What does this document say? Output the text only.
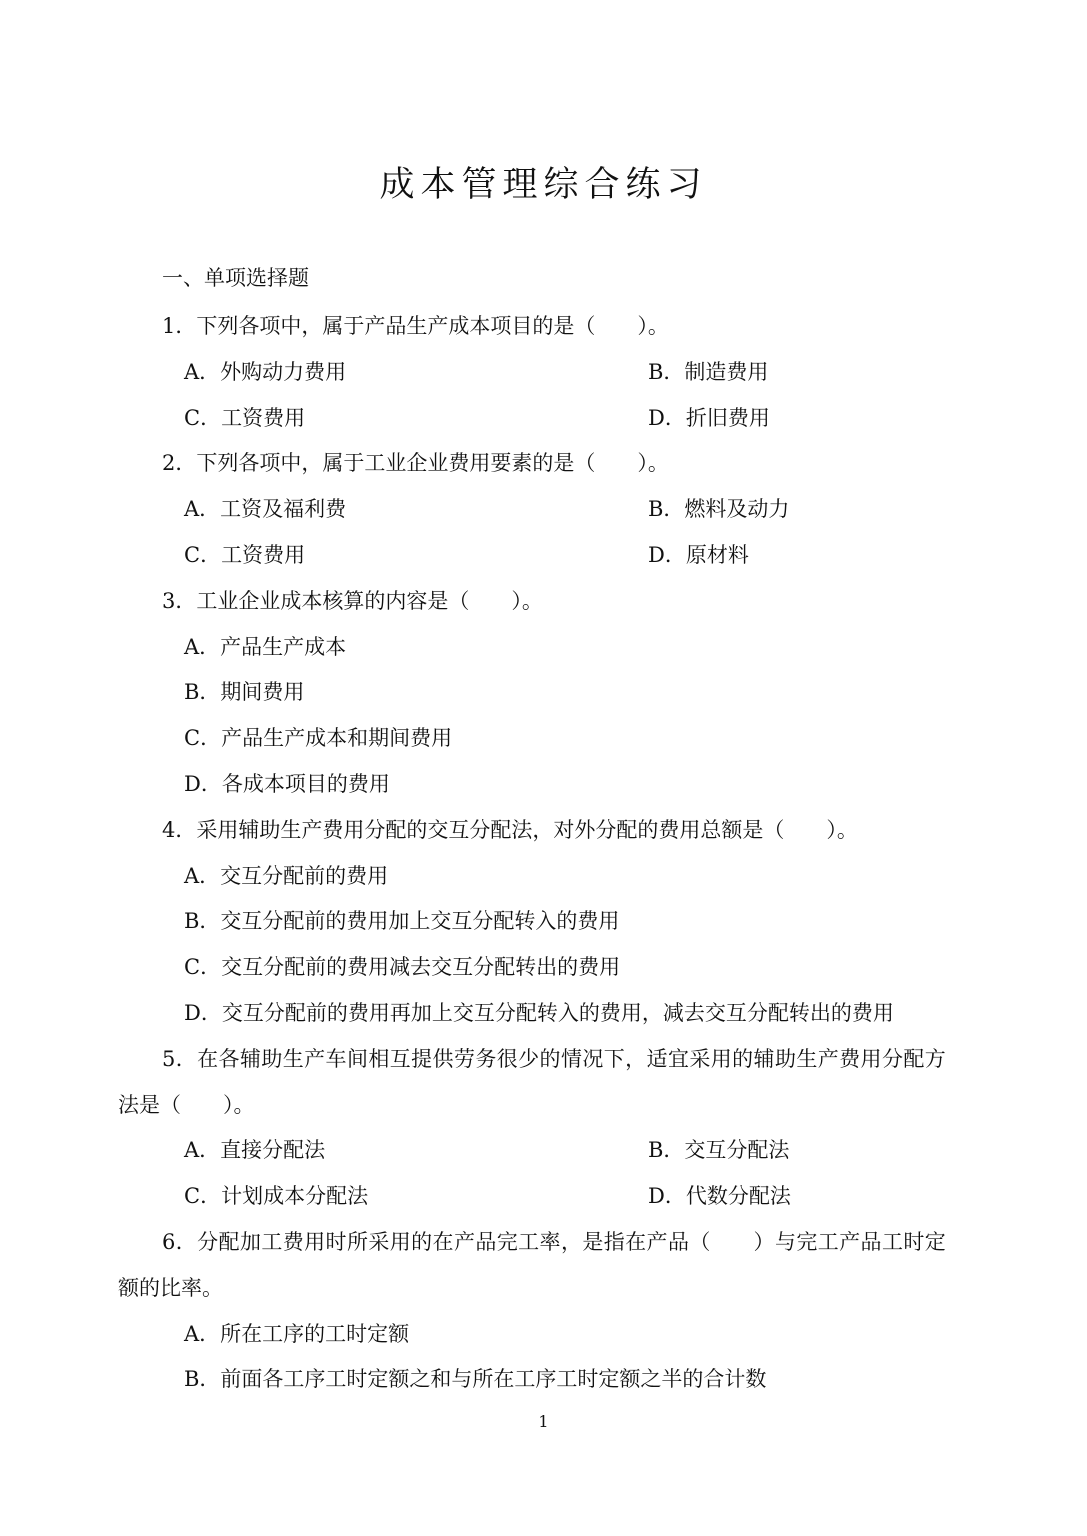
成本管理综合练习
一、单项选择题
1．下列各项中，属于产品生产成本项目的是（　　）。
A．外购动力费用	B．制造费用
C．工资费用	D．折旧费用
2．下列各项中，属于工业企业费用要素的是（　　）。
A．工资及福利费	B．燃料及动力
C．工资费用	D．原材料
3．工业企业成本核算的内容是（　　）。
A．产品生产成本
B．期间费用
C．产品生产成本和期间费用
D．各成本项目的费用
4．采用辅助生产费用分配的交互分配法，对外分配的费用总额是（　　）。
A．交互分配前的费用
B．交互分配前的费用加上交互分配转入的费用
C．交互分配前的费用减去交互分配转出的费用
D．交互分配前的费用再加上交互分配转入的费用，减去交互分配转出的费用
5．在各辅助生产车间相互提供劳务很少的情况下，适宜采用的辅助生产费用分配方
法是（　　）。
A．直接分配法	B．交互分配法
C．计划成本分配法	D．代数分配法
6．分配加工费用时所采用的在产品完工率，是指在产品（　　）与完工产品工时定
额的比率。
A．所在工序的工时定额
B．前面各工序工时定额之和与所在工序工时定额之半的合计数
1
